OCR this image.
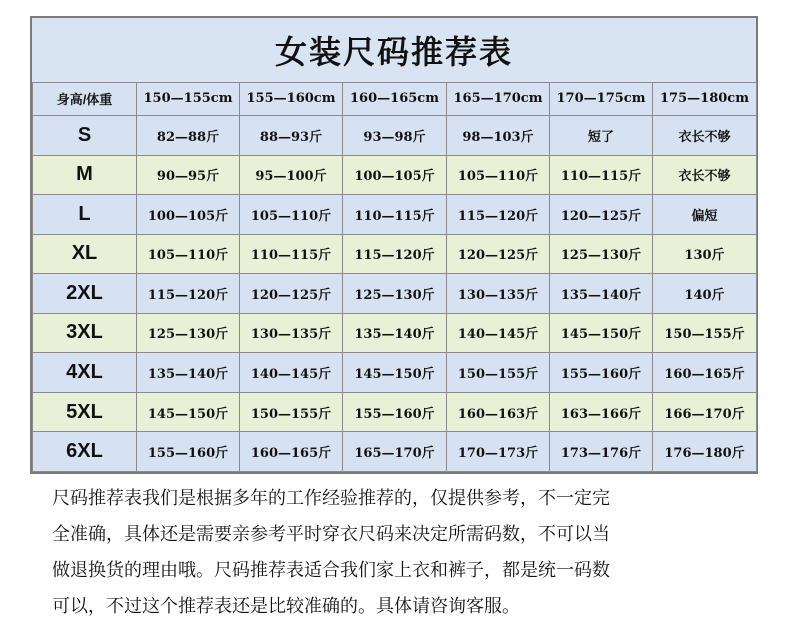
女装尺码推荐表
身高/体重	150—155cm	155—160cm	160—165cm	165—170cm	170—175cm	175—180cm
S	82—88斤	88—93斤	93—98斤	98—103斤	短了	衣长不够
M	90—95斤	95—100斤	100—105斤	105—110斤	110—115斤	衣长不够
L	100—105斤	105—110斤	110—115斤	115—120斤	120—125斤	偏短
XL	105—110斤	110—115斤	115—120斤	120—125斤	125—130斤	130斤
2XL	115—120斤	120—125斤	125—130斤	130—135斤	135—140斤	140斤
3XL	125—130斤	130—135斤	135—140斤	140—145斤	145—150斤	150—155斤
4XL	135—140斤	140—145斤	145—150斤	150—155斤	155—160斤	160—165斤
5XL	145—150斤	150—155斤	155—160斤	160—163斤	163—166斤	166—170斤
6XL	155—160斤	160—165斤	165—170斤	170—173斤	173—176斤	176—180斤

尺码推荐表我们是根据多年的工作经验推荐的，仅提供参考，不一定完

全准确，具体还是需要亲参考平时穿衣尺码来决定所需码数，不可以当

做退换货的理由哦。尺码推荐表适合我们家上衣和裤子，都是统一码数

可以，不过这个推荐表还是比较准确的。具体请咨询客服。
